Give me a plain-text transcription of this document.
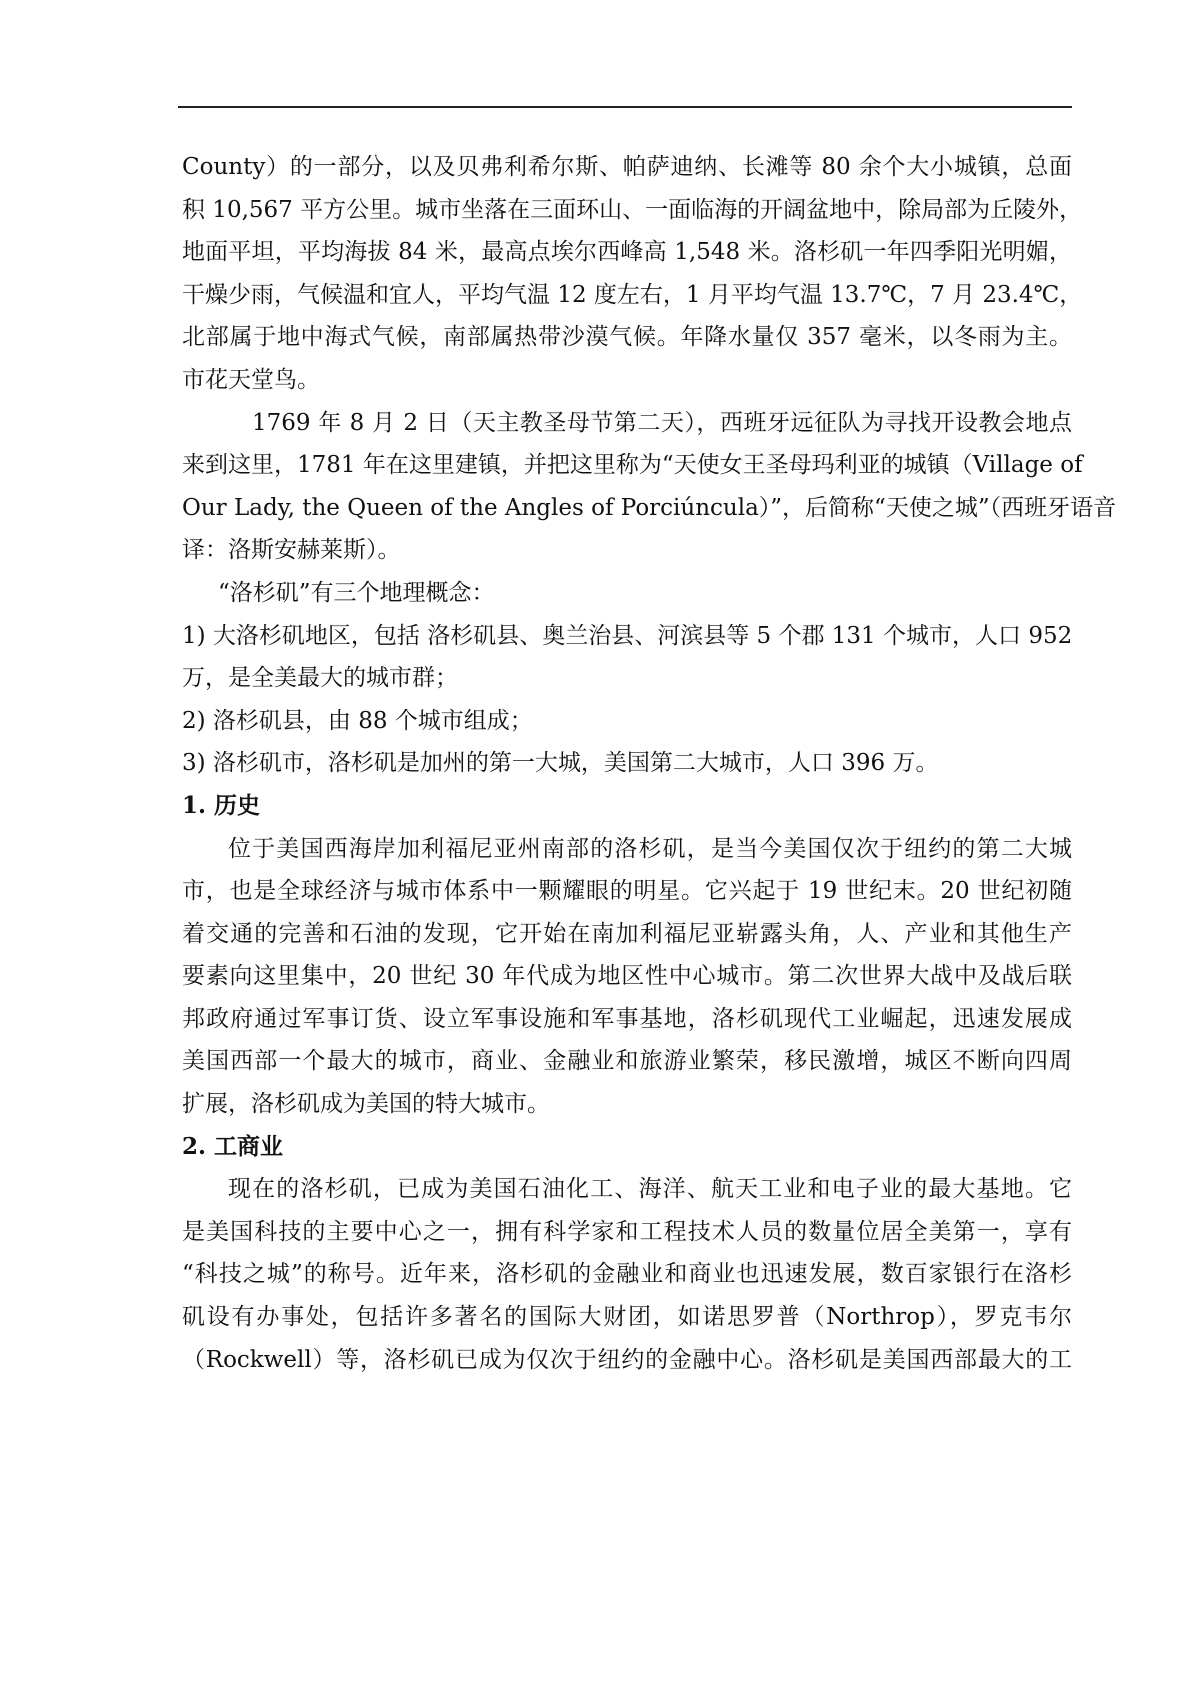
County）的一部分，以及贝弗利希尔斯、帕萨迪纳、长滩等 80 余个大小城镇，总面
积 10,567 平方公里。城市坐落在三面环山、一面临海的开阔盆地中，除局部为丘陵外，
地面平坦，平均海拔 84 米，最高点埃尔西峰高 1,548 米。洛杉矶一年四季阳光明媚，
干燥少雨，气候温和宜人，平均气温 12 度左右，1 月平均气温 13.7℃，7 月 23.4℃，
北部属于地中海式气候，南部属热带沙漠气候。年降水量仅 357 毫米，以冬雨为主。
市花天堂鸟。
1769 年 8 月 2 日（天主教圣母节第二天），西班牙远征队为寻找开设教会地点
来到这里，1781 年在这里建镇，并把这里称为“天使女王圣母玛利亚的城镇（Village of
Our Lady, the Queen of the Angles of Porciúncula）”，后简称“天使之城”（西班牙语音
译：洛斯安赫莱斯）。
“洛杉矶”有三个地理概念：
1) 大洛杉矶地区，包括 洛杉矶县、奥兰治县、河滨县等 5 个郡 131 个城市，人口 952
万，是全美最大的城市群；
2) 洛杉矶县，由 88 个城市组成；
3) 洛杉矶市，洛杉矶是加州的第一大城，美国第二大城市，人口 396 万。
1. 历史
位于美国西海岸加利福尼亚州南部的洛杉矶，是当今美国仅次于纽约的第二大城
市，也是全球经济与城市体系中一颗耀眼的明星。它兴起于 19 世纪末。20 世纪初随
着交通的完善和石油的发现，它开始在南加利福尼亚崭露头角，人、产业和其他生产
要素向这里集中，20 世纪 30 年代成为地区性中心城市。第二次世界大战中及战后联
邦政府通过军事订货、设立军事设施和军事基地，洛杉矶现代工业崛起，迅速发展成
美国西部一个最大的城市，商业、金融业和旅游业繁荣，移民激增，城区不断向四周
扩展，洛杉矶成为美国的特大城市。
2. 工商业
现在的洛杉矶，已成为美国石油化工、海洋、航天工业和电子业的最大基地。它
是美国科技的主要中心之一，拥有科学家和工程技术人员的数量位居全美第一，享有
“科技之城”的称号。近年来，洛杉矶的金融业和商业也迅速发展，数百家银行在洛杉
矶设有办事处，包括许多著名的国际大财团，如诺思罗普（Northrop），罗克韦尔
（Rockwell）等，洛杉矶已成为仅次于纽约的金融中心。洛杉矶是美国西部最大的工
